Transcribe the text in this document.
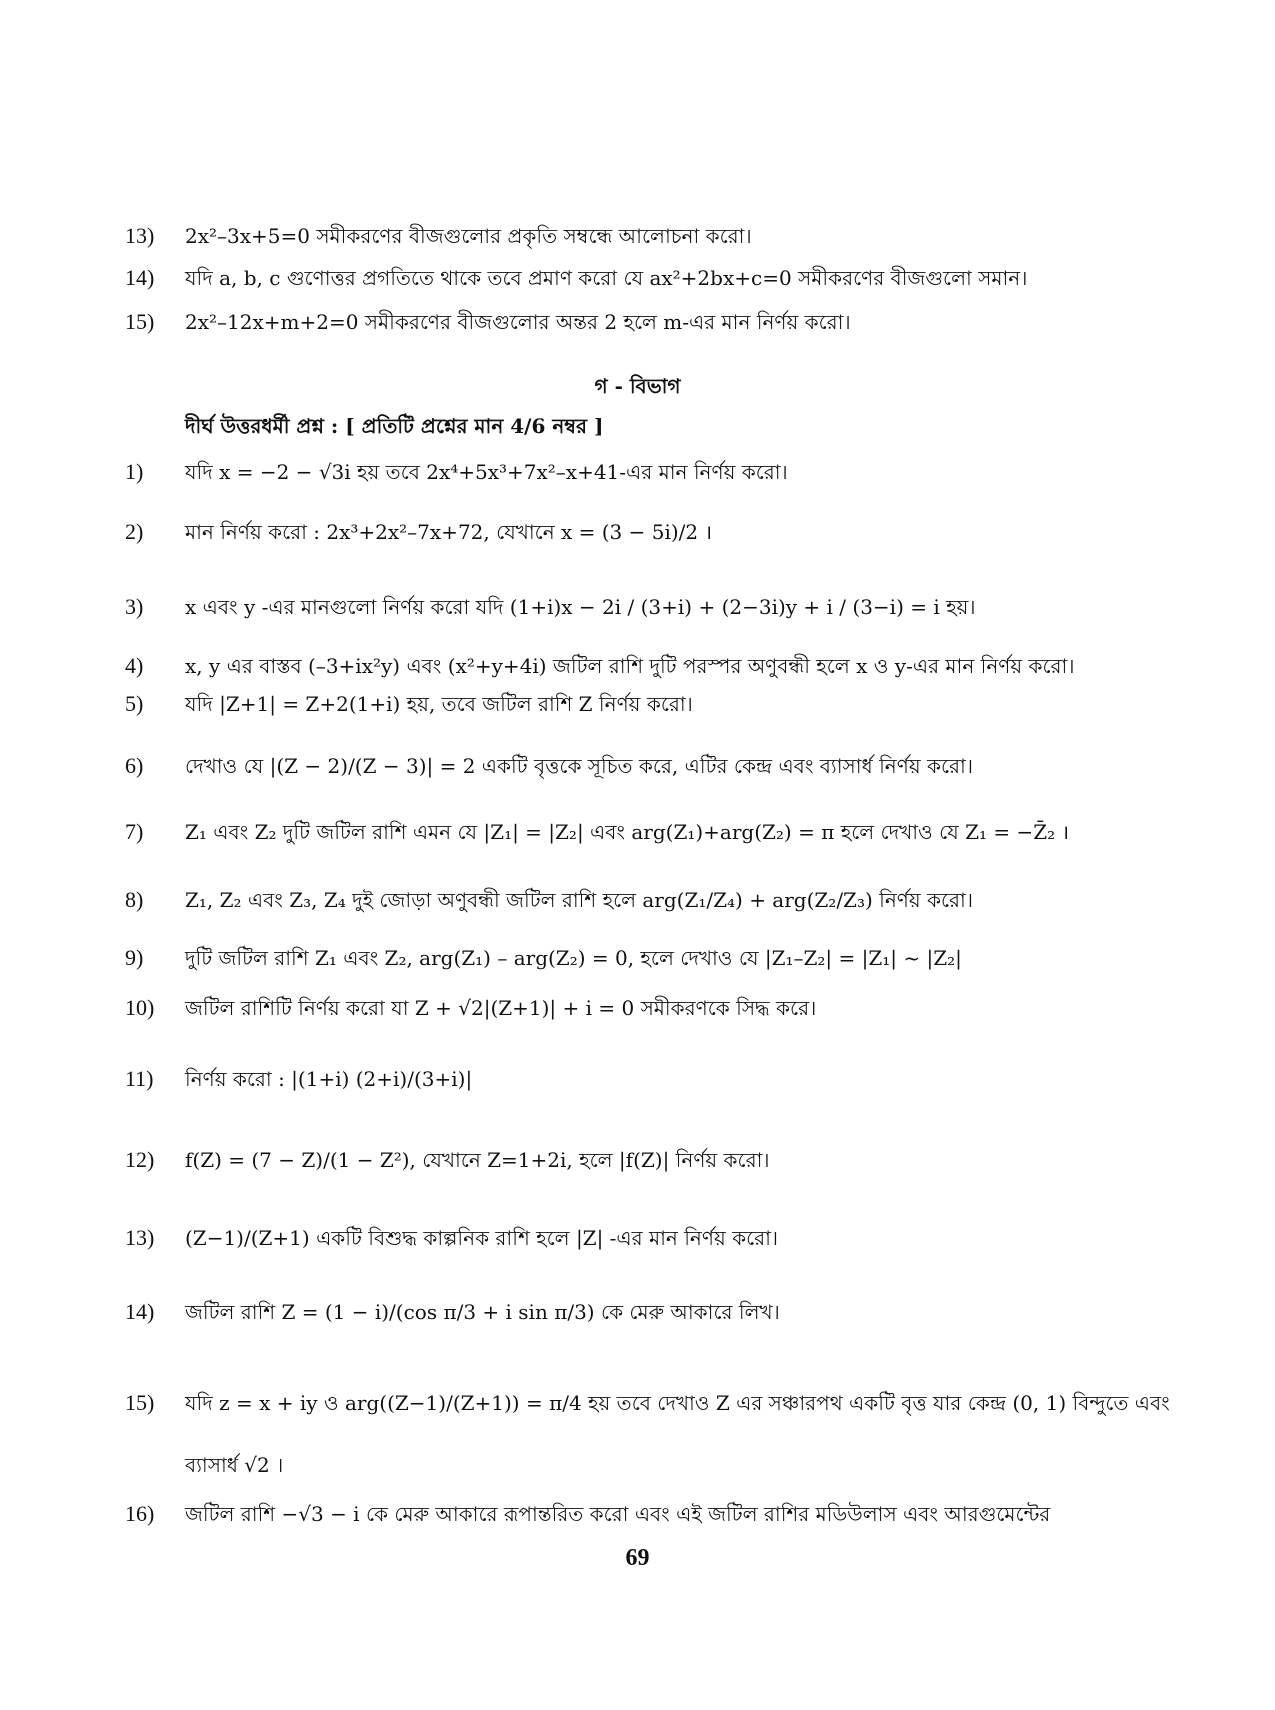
13)	2x²–3x+5=0 সমীকরণের বীজগুলোর প্রকৃতি সম্বন্ধে আলোচনা করো।
14)	যদি a, b, c গুণোত্তর প্রগতিতে থাকে তবে প্রমাণ করো যে ax²+2bx+c=0 সমীকরণের বীজগুলো সমান।
15)	2x²–12x+m+2=0 সমীকরণের বীজগুলোর অন্তর 2 হলে m-এর মান নির্ণয় করো।
গ - বিভাগ
দীর্ঘ উত্তরধর্মী প্রশ্ন : [ প্রতিটি প্রশ্নের মান 4/6 নম্বর ]
1)	যদি x = −2 − √3i হয় তবে 2x⁴+5x³+7x²–x+41-এর মান নির্ণয় করো।
2)	মান নির্ণয় করো : 2x³+2x²–7x+72, যেখানে x = (3 − 5i)/2 ।
3)	x এবং y -এর মানগুলো নির্ণয় করো যদি (1+i)x − 2i / (3+i) + (2−3i)y + i / (3−i) = i হয়।
4)	x, y এর বাস্তব (–3+ix²y) এবং (x²+y+4i) জটিল রাশি দুটি পরস্পর অণুবন্ধী হলে x ও y-এর মান নির্ণয় করো।
5)	যদি |Z+1| = Z+2(1+i) হয়, তবে জটিল রাশি Z নির্ণয় করো।
6)	দেখাও যে |(Z − 2)/(Z − 3)| = 2 একটি বৃত্তকে সূচিত করে, এটির কেন্দ্র এবং ব্যাসার্ধ নির্ণয় করো।
7)	Z₁ এবং Z₂ দুটি জটিল রাশি এমন যে |Z₁| = |Z₂| এবং arg(Z₁)+arg(Z₂) = π হলে দেখাও যে Z₁ = −Z̄₂ ।
8)	Z₁, Z₂ এবং Z₃, Z₄ দুই জোড়া অণুবন্ধী জটিল রাশি হলে arg(Z₁/Z₄) + arg(Z₂/Z₃) নির্ণয় করো।
9)	দুটি জটিল রাশি Z₁ এবং Z₂, arg(Z₁) – arg(Z₂) = 0, হলে দেখাও যে |Z₁–Z₂| = |Z₁| ~ |Z₂|
10)	জটিল রাশিটি নির্ণয় করো যা Z + √2|(Z+1)| + i = 0 সমীকরণকে সিদ্ধ করে।
11)	নির্ণয় করো : |(1+i) (2+i)/(3+i)|
12)	f(Z) = (7 − Z)/(1 − Z²), যেখানে Z=1+2i, হলে |f(Z)| নির্ণয় করো।
13)	(Z−1)/(Z+1) একটি বিশুদ্ধ কাল্পনিক রাশি হলে |Z| -এর মান নির্ণয় করো।
14)	জটিল রাশি Z = (1 − i)/(cos π/3 + i sin π/3) কে মেরু আকারে লিখ।
15)	যদি z = x + iy ও arg((Z−1)/(Z+1)) = π/4 হয় তবে দেখাও Z এর সঞ্চারপথ একটি বৃত্ত যার কেন্দ্র (0, 1) বিন্দুতে এবং
ব্যাসার্ধ √2 ।
16)	জটিল রাশি −√3 − i কে মেরু আকারে রূপান্তরিত করো এবং এই জটিল রাশির মডিউলাস এবং আরগুমেন্টের
69
